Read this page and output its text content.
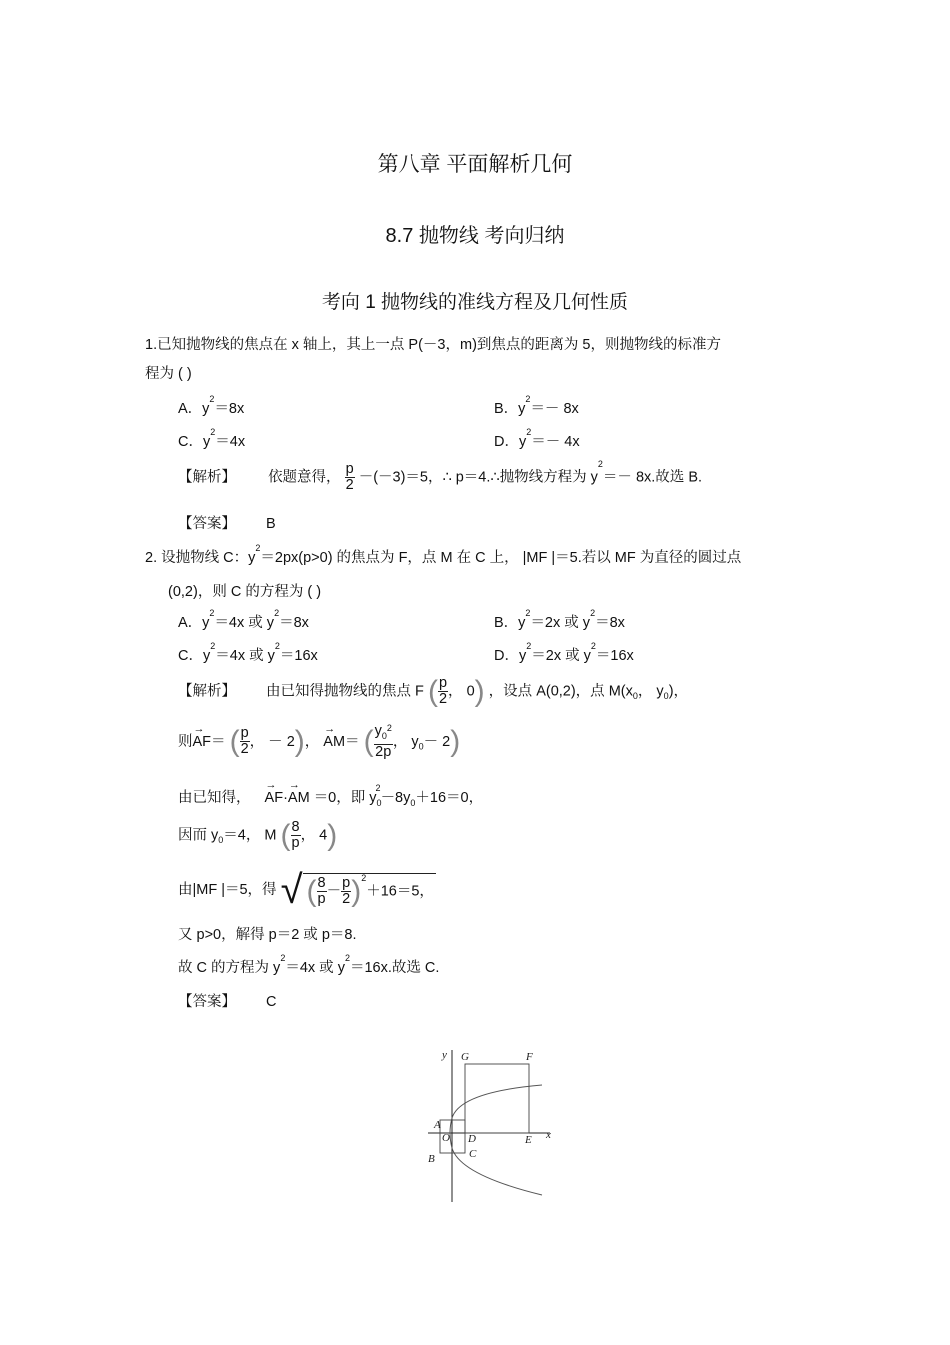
第八章 平面解析几何
8.7 抛物线 考向归纳
考向 1 抛物线的准线方程及几何性质
1.已知抛物线的焦点在 x 轴上，其上一点 P(－3，m)到焦点的距离为 5，则抛物线的标准方
程为 ( )
A．$y^2=8x$	B．$y^2=- 8x$
C．$y^2=4x$	D．$y^2=- 4x$
【解析】 依题意得， $\frac{p}{2} -(-3)=5$，∴ p＝4.∴抛物线方程为 $y^2=- 8x$.故选 B.
【答案】 B
2. 设抛物线 C：$y^2=2px(p>0)$ 的焦点为 F，点 M 在 C 上， |MF |＝5.若以 MF 为直径的圆过点
(0,2)，则 C 的方程为 ( )
A．$y^2=4x$ 或 $y^2=8x$	B．$y^2=2x$ 或 $y^2=8x$
C．$y^2=4x$ 或 $y^2=16x$	D．$y^2=2x$ 或 $y^2=16x$
【解析】 由已知得抛物线的焦点 F ( $\frac{p}{2}$ ， 0) ，设点 A(0,2)，点 $M(x_0$， $y_0$)，
则→ AF＝ ( $\frac{p}{2}$ ， － 2)， → AM＝ ( $\frac{y_0^2}{2p}$ ， $y_0- 2$)
由已知得， → AF·→ AM ＝0，即 $y_0^2-8y_0+16=0$，
因而 $y_0=4$， M ( $\frac{8}{p}$ ， 4)
由|MF |＝5，得 √ ( $\frac{8}{p} - \frac{p}{2} )^2+16=5$，
又 p>0，解得 p＝2 或 p＝8.
故 C 的方程为 $y^2=4x$ 或 $y^2=16x$.故选 C.
【答案】 C
y G	F
A
O D	E x
B	C
